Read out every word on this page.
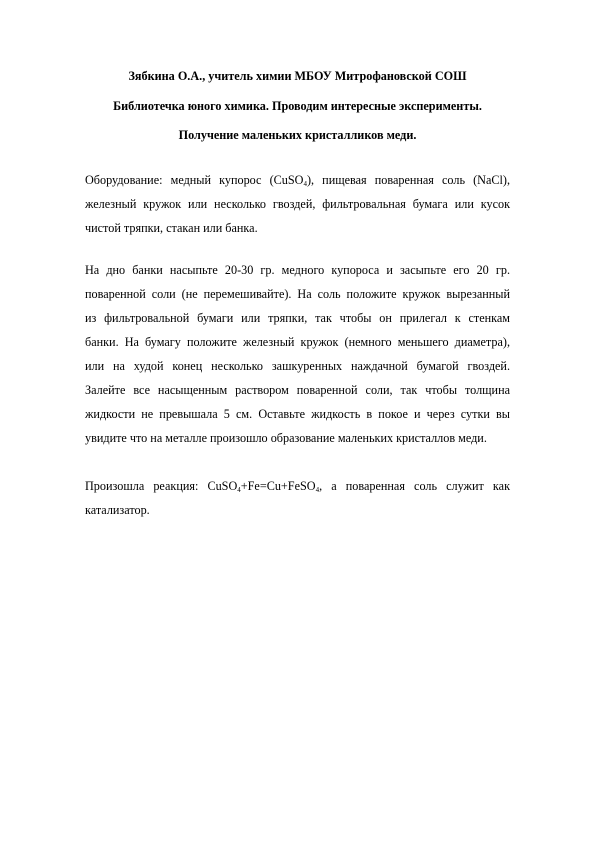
Зябкина О.А., учитель химии МБОУ Митрофановской СОШ
Библиотечка юного химика. Проводим интересные эксперименты.
Получение маленьких кристалликов меди.
Оборудование: медный купорос (CuSO$_4$), пищевая поваренная соль (NaCl),
железный кружок или несколько гвоздей, фильтровальная бумага или кусок
чистой тряпки, стакан или банка.
На дно банки насыпьте 20-30 гр. медного купороса и засыпьте его 20 гр.
поваренной соли (не перемешивайте). На соль положите кружок вырезанный
из фильтровальной бумаги или тряпки, так чтобы он прилегал к стенкам
банки. На бумагу положите железный кружок (немного меньшего диаметра),
или на худой конец несколько зашкуренных наждачной бумагой гвоздей.
Залейте все насыщенным раствором поваренной соли, так чтобы толщина
жидкости не превышала 5 см. Оставьте жидкость в покое и через сутки вы
увидите что на металле произошло образование маленьких кристаллов меди.
Произошла реакция: CuSO$_4$+Fe=Cu+FeSO$_4$, а поваренная соль служит как
катализатор.
